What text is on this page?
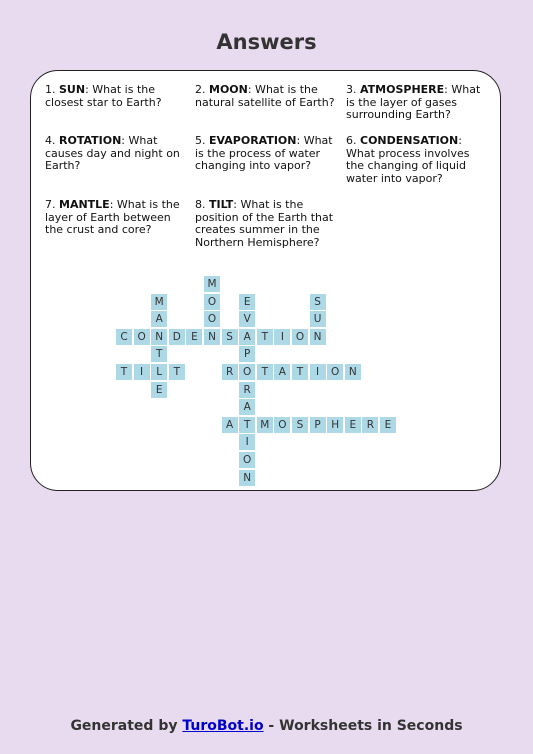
Answers
1. SUN: What is the closest star to Earth?
2. MOON: What is the natural satellite of Earth?
3. ATMOSPHERE: What is the layer of gases surrounding Earth?
4. ROTATION: What causes day and night on Earth?
5. EVAPORATION: What is the process of water changing into vapor?
6. CONDENSATION: What process involves the changing of liquid water into vapor?
7. MANTLE: What is the layer of Earth between the crust and core?
8. TILT: What is the position of the Earth that creates summer in the Northern Hemisphere?
M
O
O
N
M
A
N
T
L
E
E
V
A
P
O
R
A
T
I
O
N
S
U
N
C O	D E	S	T	I	O
T	I	T	R	T	A	T	I	O N
A	M O S	P H E	R	E
Generated by TuroBot.io - Worksheets in Seconds
